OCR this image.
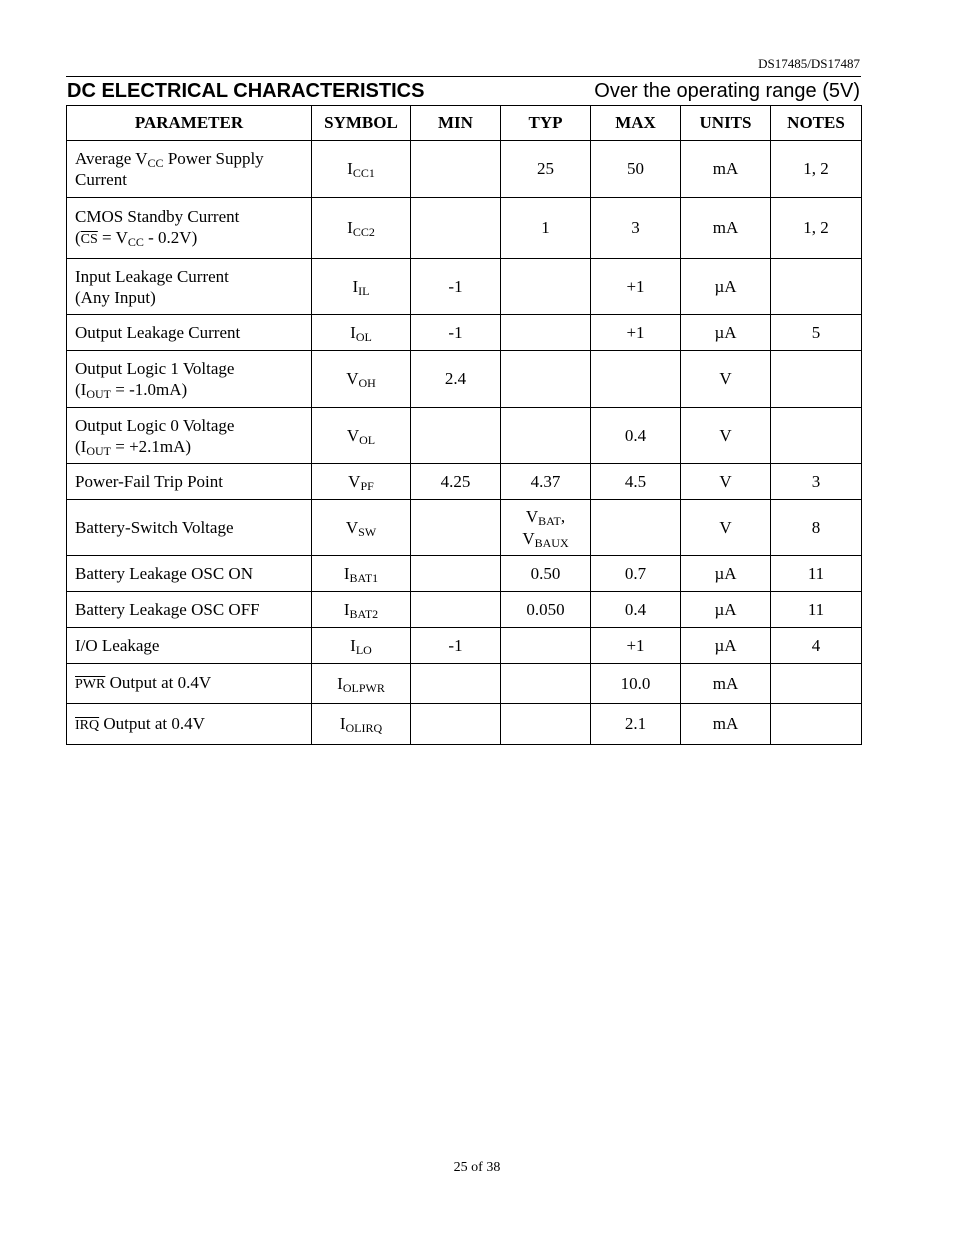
DS17485/DS17487
DC ELECTRICAL CHARACTERISTICS	Over the operating range (5V)
PARAMETER	SYMBOL	MIN	TYP	MAX	UNITS	NOTES

Average $V_{CC}$ Power Supply
Current	$I_{CC1}$		25	50	mA	1, 2

CMOS Standby Current
$(\overline{CS} = V_{CC} - 0.2V)$	$I_{CC2}$		1	3	mA	1, 2

Input Leakage Current
(Any Input)	$I_{IL}$	-1		+1	µA	

Output Leakage Current	$I_{OL}$	-1		+1	µA	5

Output Logic 1 Voltage
$(I_{OUT} = -1.0mA)$	$V_{OH}$	2.4			V	

Output Logic 0 Voltage
$(I_{OUT} = +2.1mA)$	$V_{OL}$			0.4	V	

Power-Fail Trip Point	$V_{PF}$	4.25	4.37	4.5	V	3

Battery-Switch Voltage	$V_{SW}$		$V_{BAT}$,
$V_{BAUX}$		V	8

Battery Leakage OSC ON	$I_{BAT1}$		0.50	0.7	µA	11

Battery Leakage OSC OFF	$I_{BAT2}$		0.050	0.4	µA	11

I/O Leakage	$I_{LO}$	-1		+1	µA	4

$\overline{PWR}$ Output at 0.4V	$I_{OLPWR}$			10.0	mA	

$\overline{IRQ}$ Output at 0.4V	$I_{OLIRQ}$			2.1	mA	
25 of 38
